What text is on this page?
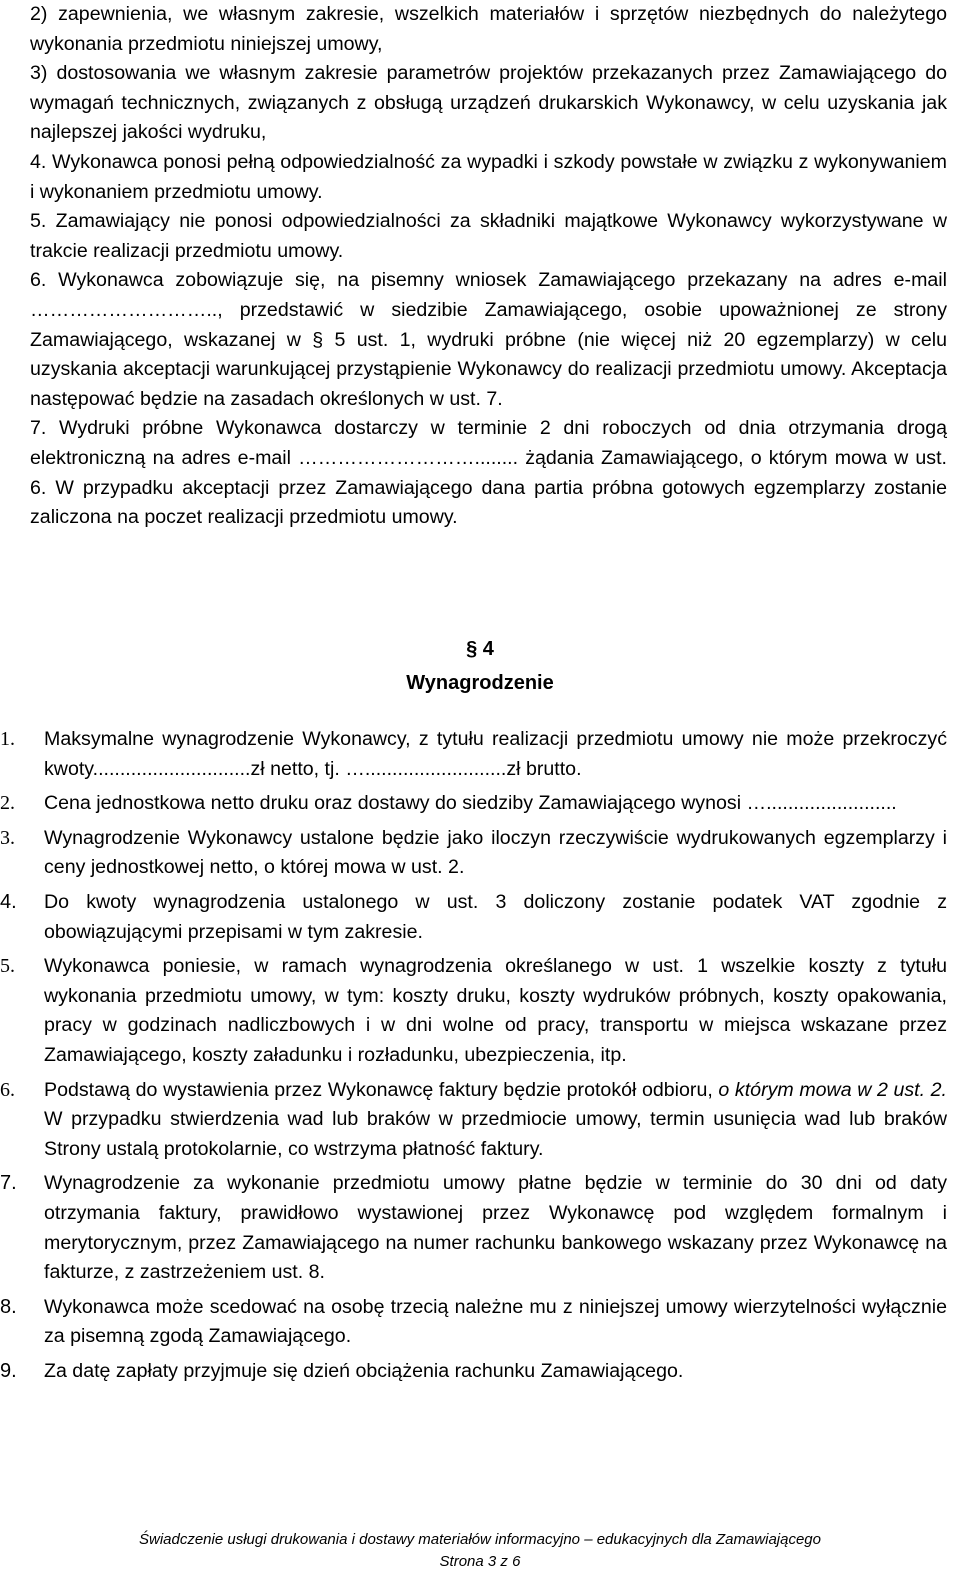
2) zapewnienia, we własnym zakresie, wszelkich materiałów i sprzętów niezbędnych do należytego wykonania przedmiotu niniejszej umowy,
3) dostosowania we własnym zakresie parametrów projektów przekazanych przez Zamawiającego do wymagań technicznych, związanych z obsługą urządzeń drukarskich Wykonawcy, w celu uzyskania jak najlepszej jakości wydruku,
4. Wykonawca ponosi pełną odpowiedzialność za wypadki i szkody powstałe w związku z wykonywaniem i wykonaniem przedmiotu umowy.
5. Zamawiający nie ponosi odpowiedzialności za składniki majątkowe Wykonawcy wykorzystywane w trakcie realizacji przedmiotu umowy.
6. Wykonawca zobowiązuje się, na pisemny wniosek Zamawiającego przekazany na adres e-mail ……………………….., przedstawić w siedzibie Zamawiającego, osobie upoważnionej ze strony Zamawiającego, wskazanej w § 5 ust. 1, wydruki próbne (nie więcej niż 20 egzemplarzy) w celu uzyskania akceptacji warunkującej przystąpienie Wykonawcy do realizacji przedmiotu umowy. Akceptacja następować będzie na zasadach określonych w ust. 7.
7. Wydruki próbne Wykonawca dostarczy w terminie 2 dni roboczych od dnia otrzymania drogą elektroniczną na adres e-mail ………………………........ żądania Zamawiającego, o którym mowa w ust. 6. W przypadku akceptacji przez Zamawiającego dana partia próbna gotowych egzemplarzy zostanie zaliczona na poczet realizacji przedmiotu umowy.
§ 4
Wynagrodzenie
1. Maksymalne wynagrodzenie Wykonawcy, z tytułu realizacji przedmiotu umowy nie może przekroczyć kwoty.............................zł netto, tj. …..........................zł brutto.
2. Cena jednostkowa netto druku oraz dostawy do siedziby Zamawiającego wynosi …........................
3. Wynagrodzenie Wykonawcy ustalone będzie jako iloczyn rzeczywiście wydrukowanych egzemplarzy i ceny jednostkowej netto, o której mowa w ust. 2.
4. Do kwoty wynagrodzenia ustalonego w ust. 3 doliczony zostanie podatek VAT zgodnie z obowiązującymi przepisami w tym zakresie.
5. Wykonawca poniesie, w ramach wynagrodzenia określanego w ust. 1 wszelkie koszty z tytułu wykonania przedmiotu umowy, w tym: koszty druku, koszty wydruków próbnych, koszty opakowania, pracy w godzinach nadliczbowych i w dni wolne od pracy, transportu w miejsca wskazane przez Zamawiającego, koszty załadunku i rozładunku, ubezpieczenia, itp.
6. Podstawą do wystawienia przez Wykonawcę faktury będzie protokół odbioru, o którym mowa w 2 ust. 2. W przypadku stwierdzenia wad lub braków w przedmiocie umowy, termin usunięcia wad lub braków Strony ustalą protokolarnie, co wstrzyma płatność faktury.
7. Wynagrodzenie za wykonanie przedmiotu umowy płatne będzie w terminie do 30 dni od daty otrzymania faktury, prawidłowo wystawionej przez Wykonawcę pod względem formalnym i merytorycznym, przez Zamawiającego na numer rachunku bankowego wskazany przez Wykonawcę na fakturze, z zastrzeżeniem ust. 8.
8. Wykonawca może scedować na osobę trzecią należne mu z niniejszej umowy wierzytelności wyłącznie za pisemną zgodą Zamawiającego.
9. Za datę zapłaty przyjmuje się dzień obciążenia rachunku Zamawiającego.
Świadczenie usługi drukowania i dostawy materiałów informacyjno – edukacyjnych dla Zamawiającego
Strona 3 z 6
